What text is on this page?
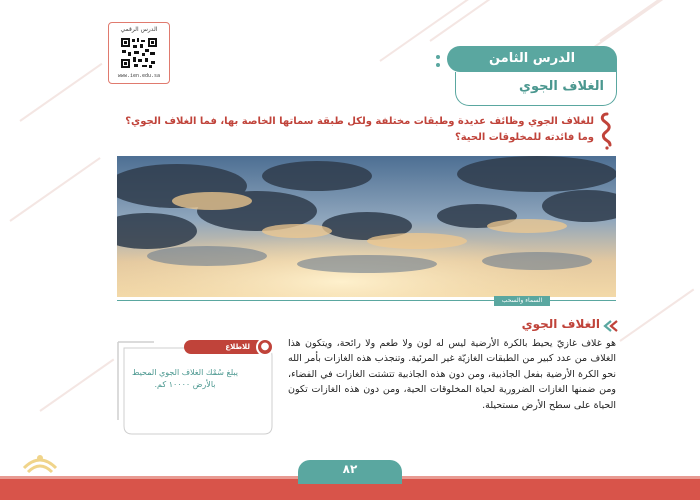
الدرس الرقمي
www.ien.edu.sa
الدرس الثامن
الغلاف الجوي
للغلاف الجوي وظائف عديدة وطبقات مختلفة ولكل طبقة سماتها الخاصة بها، فما الغلاف الجوي؟ وما فائدته للمخلوقات الحية؟
السماء والسحب
الغلاف الجوي
هو غلاف غازيّ يحيط بالكرة الأرضية ليس له لون ولا طعم ولا رائحة، ويتكون هذا الغلاف من عدد كبير من الطبقات الغازيّة غير المرئية. وتنجذب هذه الغازات بأمر الله نحو الكرة الأرضية بفعل الجاذبية، ومن دون هذه الجاذبية تتشتت الغازات في الفضاء، ومن ضمنها الغازات الضرورية لحياة المخلوقات الحية، ومن دون هذه الغازات تكون الحياة على سطح الأرض مستحيلة.
●
للاطلاع
يبلغ سُمْك الغلاف الجوي المحيط بالأرض ١٠٠٠٠ كم.
٨٢
